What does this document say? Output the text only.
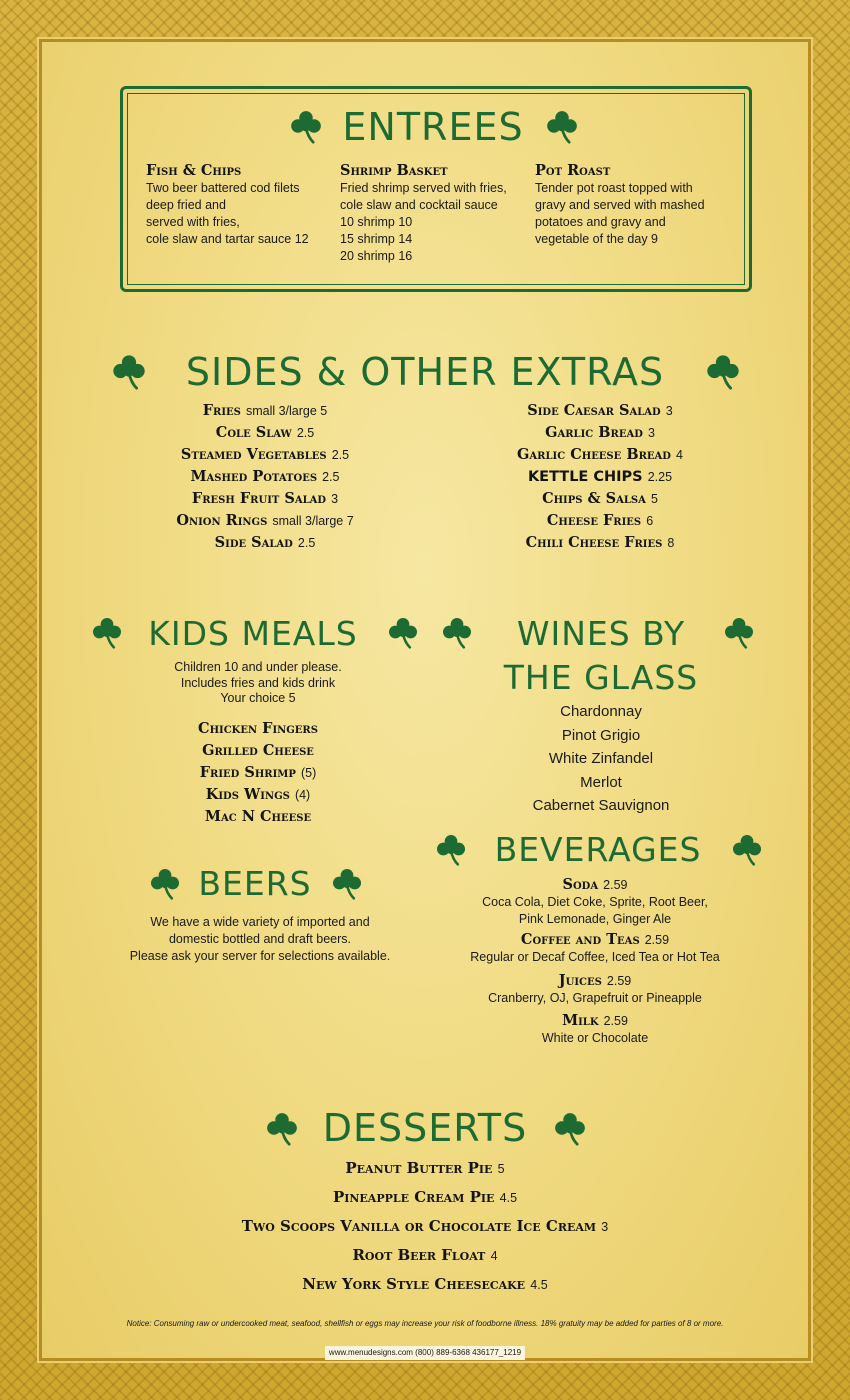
ENTREES
Fish & Chips
Two beer battered cod filets
deep fried and
served with fries,
cole slaw and tartar sauce 12
Shrimp Basket
Fried shrimp served with fries,
cole slaw and cocktail sauce
10 shrimp 10
15 shrimp 14
20 shrimp 16
Pot Roast
Tender pot roast topped with
gravy and served with mashed
potatoes and gravy and
vegetable of the day 9
SIDES & OTHER EXTRAS
Fries small 3/large 5
Cole Slaw 2.5
Steamed Vegetables 2.5
Mashed Potatoes 2.5
Fresh Fruit Salad 3
Onion Rings small 3/large 7
Side Salad 2.5
Side Caesar Salad 3
Garlic Bread 3
Garlic Cheese Bread 4
KETTLE CHIPS 2.25
Chips & Salsa 5
Cheese Fries 6
Chili Cheese Fries 8
KIDS MEALS
Children 10 and under please.
Includes fries and kids drink
Your choice 5
Chicken Fingers
Grilled Cheese
Fried Shrimp (5)
Kids Wings (4)
Mac N Cheese
WINES BY
THE GLASS
Chardonnay
Pinot Grigio
White Zinfandel
Merlot
Cabernet Sauvignon
BEERS
We have a wide variety of imported and
domestic bottled and draft beers.
Please ask your server for selections available.
BEVERAGES
Soda 2.59
Coca Cola, Diet Coke, Sprite, Root Beer,
Pink Lemonade, Ginger Ale
Coffee and Teas 2.59
Regular or Decaf Coffee, Iced Tea or Hot Tea
Juices 2.59
Cranberry, OJ, Grapefruit or Pineapple
Milk 2.59
White or Chocolate
DESSERTS
Peanut Butter Pie 5
Pineapple Cream Pie 4.5
Two Scoops Vanilla or Chocolate Ice Cream 3
Root Beer Float 4
New York Style Cheesecake 4.5
Notice: Consuming raw or undercooked meat, seafood, shellfish or eggs may increase your risk of foodborne illness. 18% gratuity may be added for parties of 8 or more.
www.menudesigns.com (800) 889-6368 436177_1219
